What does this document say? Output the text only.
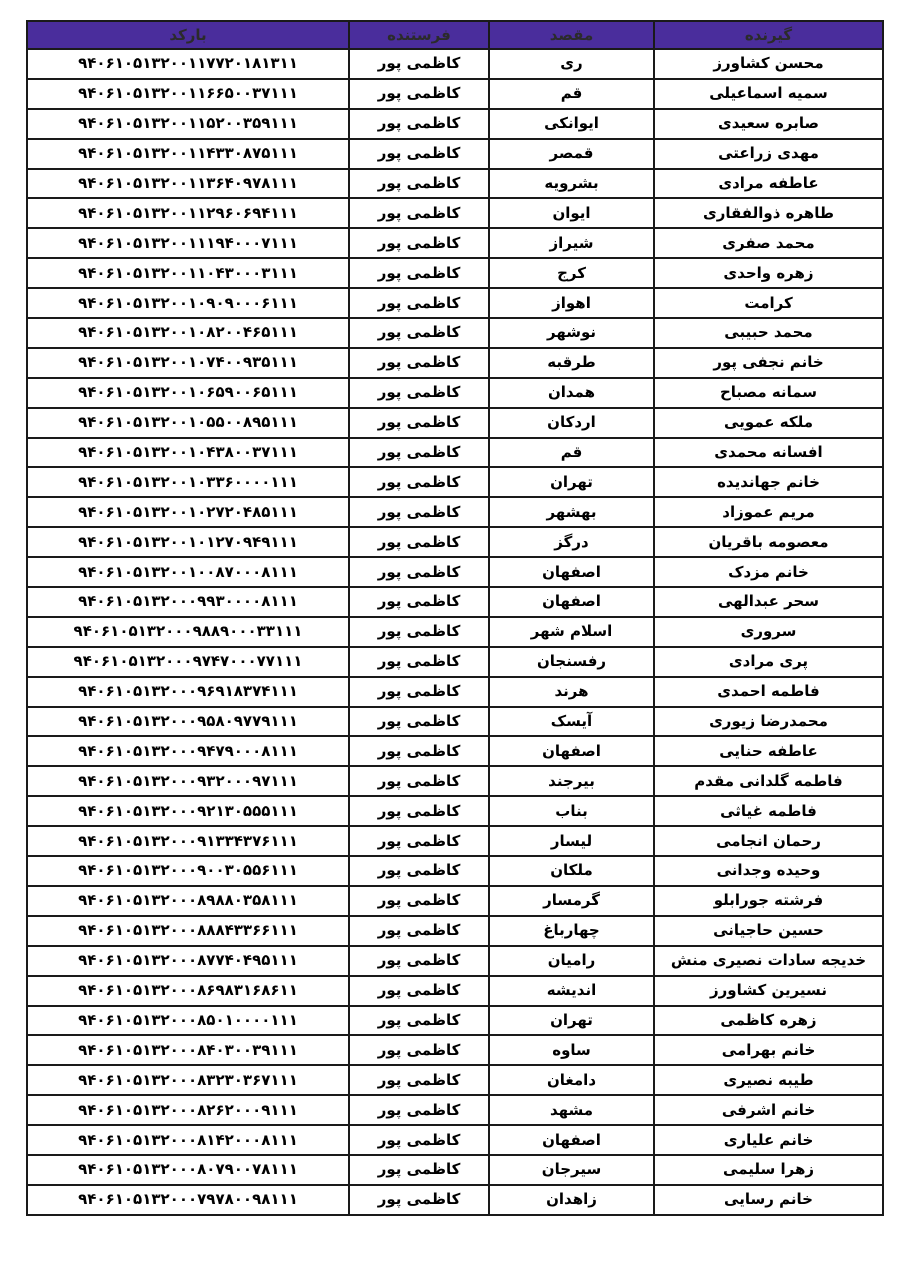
گیرنده	مقصد	فرستنده	بارکد
محسن کشاورز	ری	کاظمی پور	۹۴۰۶۱۰۵۱۳۲۰۰۱۱۷۷۲۰۱۸۱۳۱۱
سمیه اسماعیلی	قم	کاظمی پور	۹۴۰۶۱۰۵۱۳۲۰۰۱۱۶۶۵۰۰۳۷۱۱۱
صابره سعیدی	ایوانکی	کاظمی پور	۹۴۰۶۱۰۵۱۳۲۰۰۱۱۵۲۰۰۳۵۹۱۱۱
مهدی زراعتی	قمصر	کاظمی پور	۹۴۰۶۱۰۵۱۳۲۰۰۱۱۴۳۳۰۸۷۵۱۱۱
عاطفه مرادی	بشرویه	کاظمی پور	۹۴۰۶۱۰۵۱۳۲۰۰۱۱۳۶۴۰۹۷۸۱۱۱
طاهره ذوالفقاری	ایوان	کاظمی پور	۹۴۰۶۱۰۵۱۳۲۰۰۱۱۲۹۶۰۶۹۴۱۱۱
محمد صفری	شیراز	کاظمی پور	۹۴۰۶۱۰۵۱۳۲۰۰۱۱۱۹۴۰۰۰۷۱۱۱
زهره واحدی	کرج	کاظمی پور	۹۴۰۶۱۰۵۱۳۲۰۰۱۱۰۴۳۰۰۰۳۱۱۱
کرامت	اهواز	کاظمی پور	۹۴۰۶۱۰۵۱۳۲۰۰۱۰۹۰۹۰۰۰۶۱۱۱
محمد حبیبی	نوشهر	کاظمی پور	۹۴۰۶۱۰۵۱۳۲۰۰۱۰۸۲۰۰۴۶۵۱۱۱
خانم نجفی پور	طرقبه	کاظمی پور	۹۴۰۶۱۰۵۱۳۲۰۰۱۰۷۴۰۰۹۳۵۱۱۱
سمانه مصباح	همدان	کاظمی پور	۹۴۰۶۱۰۵۱۳۲۰۰۱۰۶۵۹۰۰۶۵۱۱۱
ملکه عمویی	اردکان	کاظمی پور	۹۴۰۶۱۰۵۱۳۲۰۰۱۰۵۵۰۰۸۹۵۱۱۱
افسانه محمدی	قم	کاظمی پور	۹۴۰۶۱۰۵۱۳۲۰۰۱۰۴۳۸۰۰۳۷۱۱۱
خانم جهاندیده	تهران	کاظمی پور	۹۴۰۶۱۰۵۱۳۲۰۰۱۰۳۳۶۰۰۰۰۱۱۱
مریم عموزاد	بهشهر	کاظمی پور	۹۴۰۶۱۰۵۱۳۲۰۰۱۰۲۷۲۰۴۸۵۱۱۱
معصومه باقریان	درگز	کاظمی پور	۹۴۰۶۱۰۵۱۳۲۰۰۱۰۱۲۷۰۹۴۹۱۱۱
خانم مزدک	اصفهان	کاظمی پور	۹۴۰۶۱۰۵۱۳۲۰۰۱۰۰۸۷۰۰۰۸۱۱۱
سحر عبدالهی	اصفهان	کاظمی پور	۹۴۰۶۱۰۵۱۳۲۰۰۰۹۹۳۰۰۰۰۸۱۱۱
سروری	اسلام شهر	کاظمی پور	۹۴۰۶۱۰۵۱۳۲۰۰۰۹۸۸۹۰۰۰۳۳۱۱۱
پری مرادی	رفسنجان	کاظمی پور	۹۴۰۶۱۰۵۱۳۲۰۰۰۹۷۴۷۰۰۰۷۷۱۱۱
فاطمه احمدی	هرند	کاظمی پور	۹۴۰۶۱۰۵۱۳۲۰۰۰۹۶۹۱۸۳۷۴۱۱۱
محمدرضا زیوری	آیسک	کاظمی پور	۹۴۰۶۱۰۵۱۳۲۰۰۰۹۵۸۰۹۷۷۹۱۱۱
عاطفه حنایی	اصفهان	کاظمی پور	۹۴۰۶۱۰۵۱۳۲۰۰۰۹۴۷۹۰۰۰۸۱۱۱
فاطمه گلدانی مقدم	بیرجند	کاظمی پور	۹۴۰۶۱۰۵۱۳۲۰۰۰۹۳۲۰۰۰۹۷۱۱۱
فاطمه غیاثی	بناب	کاظمی پور	۹۴۰۶۱۰۵۱۳۲۰۰۰۹۲۱۳۰۵۵۵۱۱۱
رحمان انجامی	لیسار	کاظمی پور	۹۴۰۶۱۰۵۱۳۲۰۰۰۹۱۳۳۴۳۷۶۱۱۱
وحیده وجدانی	ملکان	کاظمی پور	۹۴۰۶۱۰۵۱۳۲۰۰۰۹۰۰۳۰۵۵۶۱۱۱
فرشته جورابلو	گرمسار	کاظمی پور	۹۴۰۶۱۰۵۱۳۲۰۰۰۸۹۸۸۰۳۵۸۱۱۱
حسین حاجیانی	چهارباغ	کاظمی پور	۹۴۰۶۱۰۵۱۳۲۰۰۰۸۸۸۴۳۳۶۶۱۱۱
خدیجه سادات نصیری منش	رامیان	کاظمی پور	۹۴۰۶۱۰۵۱۳۲۰۰۰۸۷۷۴۰۴۹۵۱۱۱
نسیرین کشاورز	اندیشه	کاظمی پور	۹۴۰۶۱۰۵۱۳۲۰۰۰۸۶۹۸۳۱۶۸۶۱۱
زهره کاظمی	تهران	کاظمی پور	۹۴۰۶۱۰۵۱۳۲۰۰۰۸۵۰۱۰۰۰۰۱۱۱
خانم بهرامی	ساوه	کاظمی پور	۹۴۰۶۱۰۵۱۳۲۰۰۰۸۴۰۳۰۰۳۹۱۱۱
طیبه نصیری	دامغان	کاظمی پور	۹۴۰۶۱۰۵۱۳۲۰۰۰۸۳۲۳۰۳۶۷۱۱۱
خانم اشرفی	مشهد	کاظمی پور	۹۴۰۶۱۰۵۱۳۲۰۰۰۸۲۶۲۰۰۰۹۱۱۱
خانم علیاری	اصفهان	کاظمی پور	۹۴۰۶۱۰۵۱۳۲۰۰۰۸۱۴۲۰۰۰۸۱۱۱
زهرا سلیمی	سیرجان	کاظمی پور	۹۴۰۶۱۰۵۱۳۲۰۰۰۸۰۷۹۰۰۷۸۱۱۱
خانم رسایی	زاهدان	کاظمی پور	۹۴۰۶۱۰۵۱۳۲۰۰۰۷۹۷۸۰۰۹۸۱۱۱
